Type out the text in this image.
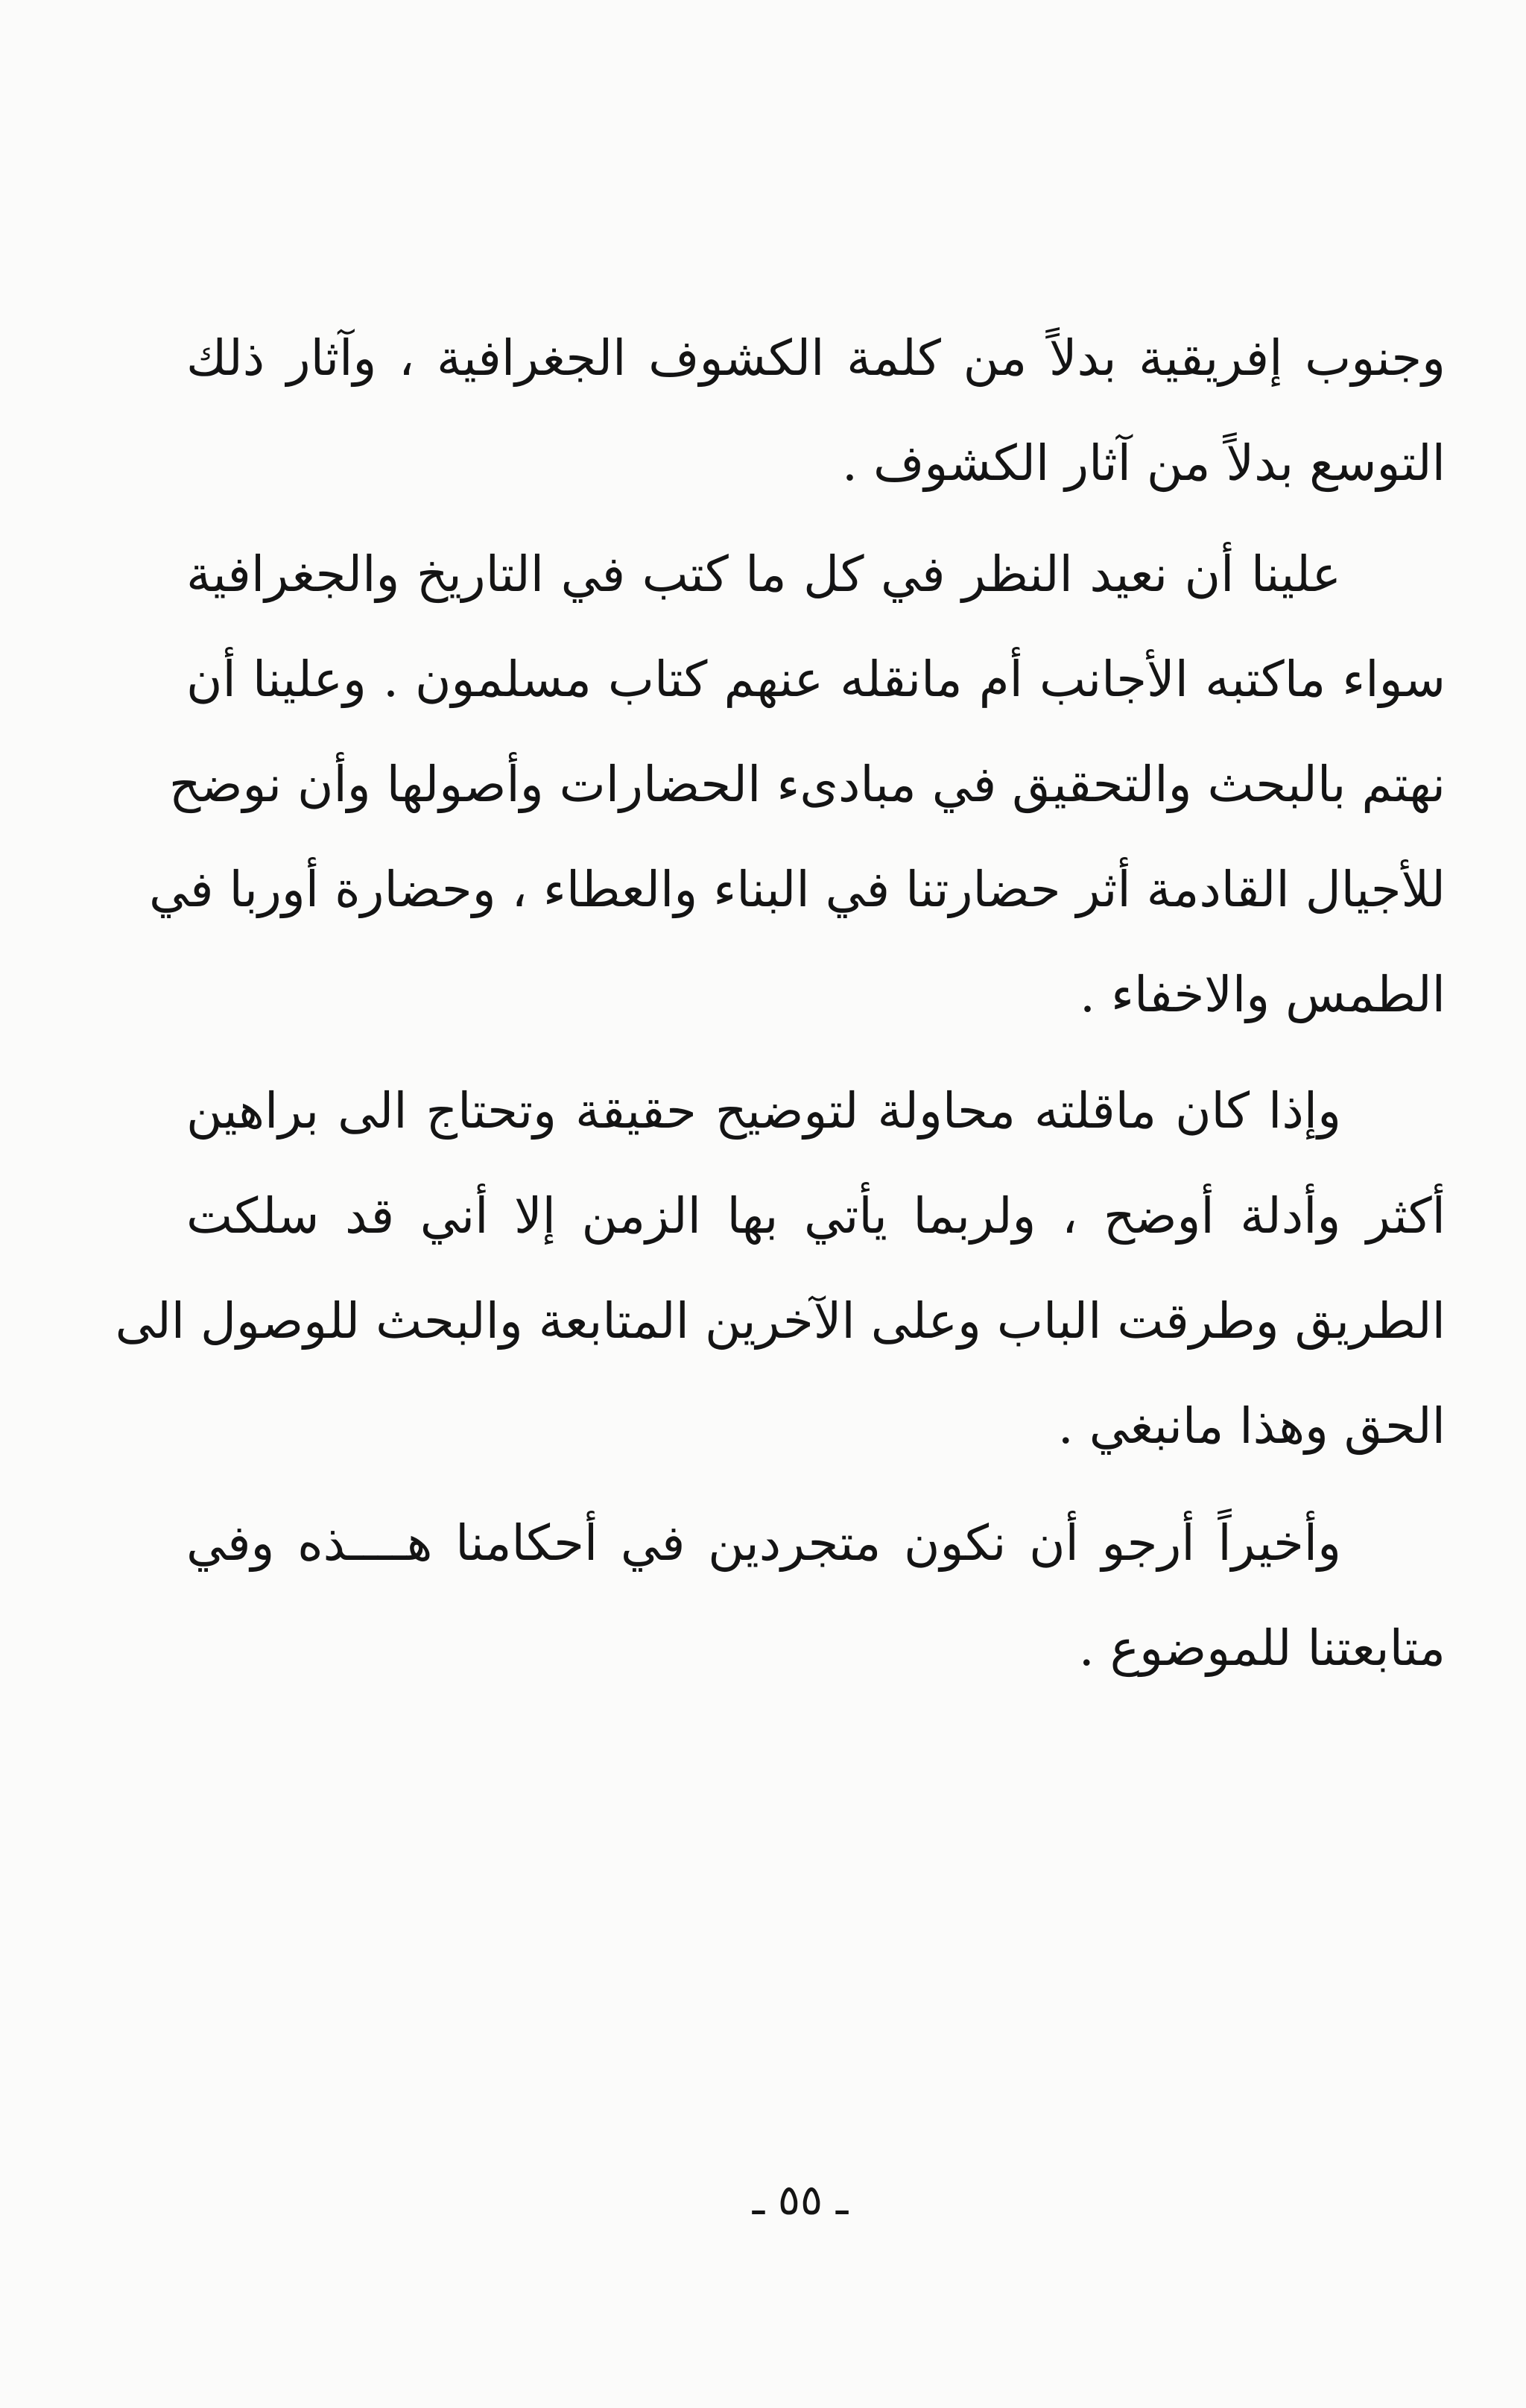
وجنوب إفريقية بدلاً من كلمة الكشوف الجغرافية ، وآثار ذلك
التوسع بدلاً من آثار الكشوف .
علينا أن نعيد النظر في كل ما كتب في التاريخ والجغرافية
سواء ماكتبه الأجانب أم مانقله عنهم كتاب مسلمون . وعلينا أن
نهتم بالبحث والتحقيق في مبادىء الحضارات وأصولها وأن نوضح
للأجيال القادمة أثر حضارتنا في البناء والعطاء ، وحضارة أوربا في
الطمس والاخفاء .
وإذا كان ماقلته محاولة لتوضيح حقيقة وتحتاج الى براهين
أكثر وأدلة أوضح ، ولربما يأتي بها الزمن إلا أني قد سلكت
الطريق وطرقت الباب وعلى الآخرين المتابعة والبحث للوصول الى
الحق وهذا مانبغي .
وأخيراً أرجو أن نكون متجردين في أحكامنا هــــذه وفي
متابعتنا للموضوع .
ـ ٥٥ ـ
